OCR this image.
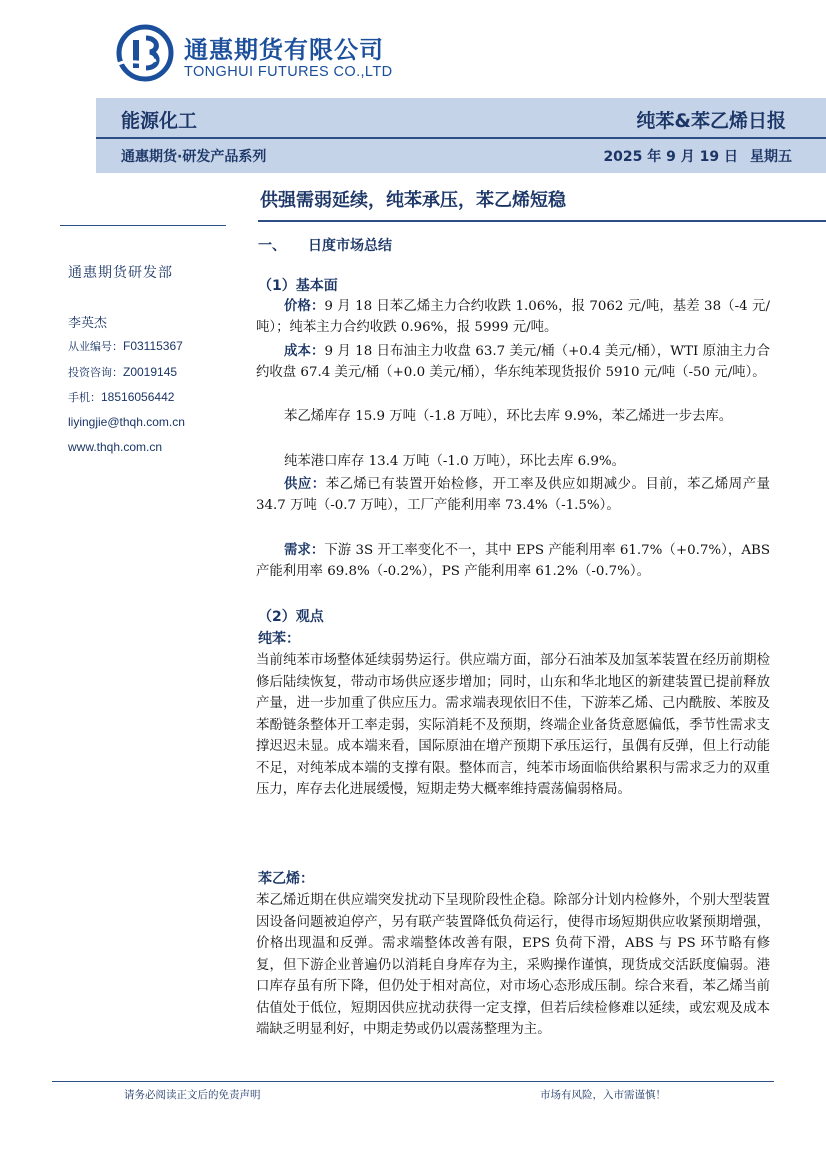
通惠期货有限公司
TONGHUI FUTURES CO.,LTD
能源化工	纯苯&苯乙烯日报
通惠期货·研发产品系列	2025 年 9 月 19 日 星期五
供强需弱延续，纯苯承压，苯乙烯短稳
通惠期货研发部
李英杰
从业编号：F03115367
投资咨询：Z0019145
手机：18516056442
liyingjie@thqh.com.cn
www.thqh.com.cn
一、 日度市场总结
（1）基本面
价格：9 月 18 日苯乙烯主力合约收跌 1.06%，报 7062 元/吨，基差 38（-4 元/吨）；纯苯主力合约收跌 0.96%，报 5999 元/吨。
成本：9 月 18 日布油主力收盘 63.7 美元/桶（+0.4 美元/桶），WTI 原油主力合约收盘 67.4 美元/桶（+0.0 美元/桶），华东纯苯现货报价 5910 元/吨（-50 元/吨）。
苯乙烯库存 15.9 万吨（-1.8 万吨），环比去库 9.9%，苯乙烯进一步去库。
纯苯港口库存 13.4 万吨（-1.0 万吨），环比去库 6.9%。
供应：苯乙烯已有装置开始检修，开工率及供应如期减少。目前，苯乙烯周产量 34.7 万吨（-0.7 万吨），工厂产能利用率 73.4%（-1.5%）。
需求：下游 3S 开工率变化不一，其中 EPS 产能利用率 61.7%（+0.7%），ABS 产能利用率 69.8%（-0.2%），PS 产能利用率 61.2%（-0.7%）。
（2）观点
纯苯：
当前纯苯市场整体延续弱势运行。供应端方面，部分石油苯及加氢苯装置在经历前期检修后陆续恢复，带动市场供应逐步增加；同时，山东和华北地区的新建装置已提前释放产量，进一步加重了供应压力。需求端表现依旧不佳，下游苯乙烯、己内酰胺、苯胺及苯酚链条整体开工率走弱，实际消耗不及预期，终端企业备货意愿偏低，季节性需求支撑迟迟未显。成本端来看，国际原油在增产预期下承压运行，虽偶有反弹，但上行动能不足，对纯苯成本端的支撑有限。整体而言，纯苯市场面临供给累积与需求乏力的双重压力，库存去化进展缓慢，短期走势大概率维持震荡偏弱格局。
苯乙烯：
苯乙烯近期在供应端突发扰动下呈现阶段性企稳。除部分计划内检修外，个别大型装置因设备问题被迫停产，另有联产装置降低负荷运行，使得市场短期供应收紧预期增强，价格出现温和反弹。需求端整体改善有限，EPS 负荷下滑，ABS 与 PS 环节略有修复，但下游企业普遍仍以消耗自身库存为主，采购操作谨慎，现货成交活跃度偏弱。港口库存虽有所下降，但仍处于相对高位，对市场心态形成压制。综合来看，苯乙烯当前估值处于低位，短期因供应扰动获得一定支撑，但若后续检修难以延续，或宏观及成本端缺乏明显利好，中期走势或仍以震荡整理为主。
请务必阅读正文后的免责声明	市场有风险，入市需谨慎！
